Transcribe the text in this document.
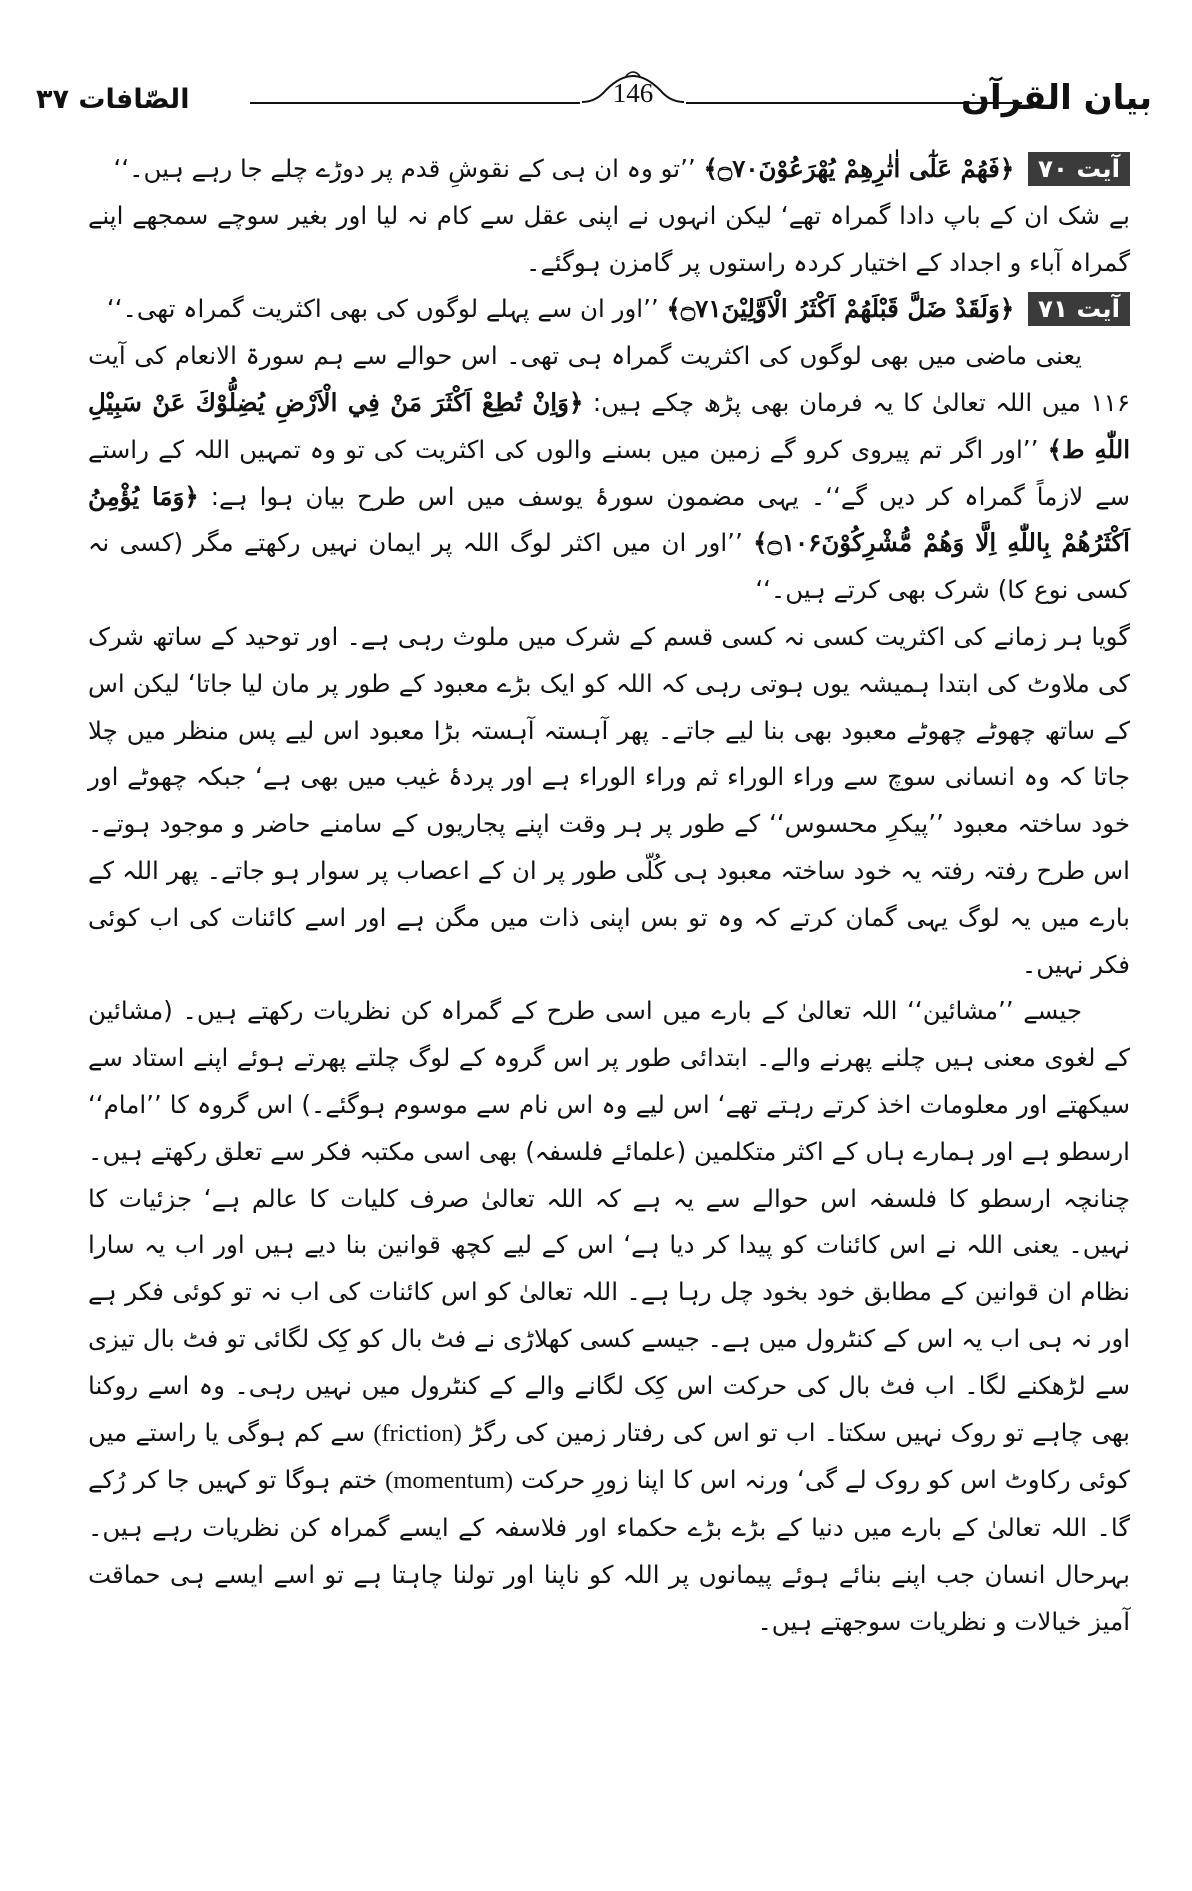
بیان القرآن
146
الصّافات ۳۷

آیت ۷۰ ﴿فَهُمْ عَلٰٓى اٰثٰرِهِمْ يُهْرَعُوْنَ۝۷۰﴾ ’’تو وہ ان ہی کے نقوشِ قدم پر دوڑے چلے جا رہے ہیں۔‘‘

بے شک ان کے باپ دادا گمراہ تھے‘ لیکن انہوں نے اپنی عقل سے کام نہ لیا اور بغیر سوچے سمجھے اپنے گمراہ آباء و اجداد کے اختیار کردہ راستوں پر گامزن ہوگئے۔

آیت ۷۱ ﴿وَلَقَدْ ضَلَّ قَبْلَهُمْ اَكْثَرُ الْاَوَّلِيْنَ۝۷۱﴾ ’’اور ان سے پہلے لوگوں کی بھی اکثریت گمراہ تھی۔‘‘

یعنی ماضی میں بھی لوگوں کی اکثریت گمراہ ہی تھی۔ اس حوالے سے ہم سورۃ الانعام کی آیت ۱۱۶ میں اللہ تعالیٰ کا یہ فرمان بھی پڑھ چکے ہیں: ﴿وَاِنْ تُطِعْ اَكْثَرَ مَنْ فِي الْاَرْضِ يُضِلُّوْكَ عَنْ سَبِيْلِ اللّٰهِ ط﴾ ’’اور اگر تم پیروی کرو گے زمین میں بسنے والوں کی اکثریت کی تو وہ تمہیں اللہ کے راستے سے لازماً گمراہ کر دیں گے‘‘۔ یہی مضمون سورۂ یوسف میں اس طرح بیان ہوا ہے: ﴿وَمَا يُؤْمِنُ اَكْثَرُهُمْ بِاللّٰهِ اِلَّا وَهُمْ مُّشْرِكُوْنَ۝۱۰۶﴾ ’’اور ان میں اکثر لوگ اللہ پر ایمان نہیں رکھتے مگر (کسی نہ کسی نوع کا) شرک بھی کرتے ہیں۔‘‘

گویا ہر زمانے کی اکثریت کسی نہ کسی قسم کے شرک میں ملوث رہی ہے۔ اور توحید کے ساتھ شرک کی ملاوٹ کی ابتدا ہمیشہ یوں ہوتی رہی کہ اللہ کو ایک بڑے معبود کے طور پر مان لیا جاتا‘ لیکن اس کے ساتھ چھوٹے چھوٹے معبود بھی بنا لیے جاتے۔ پھر آہستہ آہستہ بڑا معبود اس لیے پس منظر میں چلا جاتا کہ وہ انسانی سوچ سے وراء الوراء ثم وراء الوراء ہے اور پردۂ غیب میں بھی ہے‘ جبکہ چھوٹے اور خود ساختہ معبود ’’پیکرِ محسوس‘‘ کے طور پر ہر وقت اپنے پجاریوں کے سامنے حاضر و موجود ہوتے۔ اس طرح رفتہ رفتہ یہ خود ساختہ معبود ہی کُلّی طور پر ان کے اعصاب پر سوار ہو جاتے۔ پھر اللہ کے بارے میں یہ لوگ یہی گمان کرتے کہ وہ تو بس اپنی ذات میں مگن ہے اور اسے کائنات کی اب کوئی فکر نہیں۔

جیسے ’’مشائین‘‘ اللہ تعالیٰ کے بارے میں اسی طرح کے گمراہ کن نظریات رکھتے ہیں۔ (مشائین کے لغوی معنی ہیں چلنے پھرنے والے۔ ابتدائی طور پر اس گروہ کے لوگ چلتے پھرتے ہوئے اپنے استاد سے سیکھتے اور معلومات اخذ کرتے رہتے تھے‘ اس لیے وہ اس نام سے موسوم ہوگئے۔) اس گروہ کا ’’امام‘‘ ارسطو ہے اور ہمارے ہاں کے اکثر متکلمین (علمائے فلسفہ) بھی اسی مکتبہ فکر سے تعلق رکھتے ہیں۔ چنانچہ ارسطو کا فلسفہ اس حوالے سے یہ ہے کہ اللہ تعالیٰ صرف کلیات کا عالم ہے‘ جزئیات کا نہیں۔ یعنی اللہ نے اس کائنات کو پیدا کر دیا ہے‘ اس کے لیے کچھ قوانین بنا دیے ہیں اور اب یہ سارا نظام ان قوانین کے مطابق خود بخود چل رہا ہے۔ اللہ تعالیٰ کو اس کائنات کی اب نہ تو کوئی فکر ہے اور نہ ہی اب یہ اس کے کنٹرول میں ہے۔ جیسے کسی کھلاڑی نے فٹ بال کو کِک لگائی تو فٹ بال تیزی سے لڑھکنے لگا۔ اب فٹ بال کی حرکت اس کِک لگانے والے کے کنٹرول میں نہیں رہی۔ وہ اسے روکنا بھی چاہے تو روک نہیں سکتا۔ اب تو اس کی رفتار زمین کی رگڑ (friction) سے کم ہوگی یا راستے میں کوئی رکاوٹ اس کو روک لے گی‘ ورنہ اس کا اپنا زورِ حرکت (momentum) ختم ہوگا تو کہیں جا کر رُکے گا۔ اللہ تعالیٰ کے بارے میں دنیا کے بڑے بڑے حکماء اور فلاسفہ کے ایسے گمراہ کن نظریات رہے ہیں۔ بہرحال انسان جب اپنے بنائے ہوئے پیمانوں پر اللہ کو ناپنا اور تولنا چاہتا ہے تو اسے ایسے ہی حماقت آمیز خیالات و نظریات سوجھتے ہیں۔
